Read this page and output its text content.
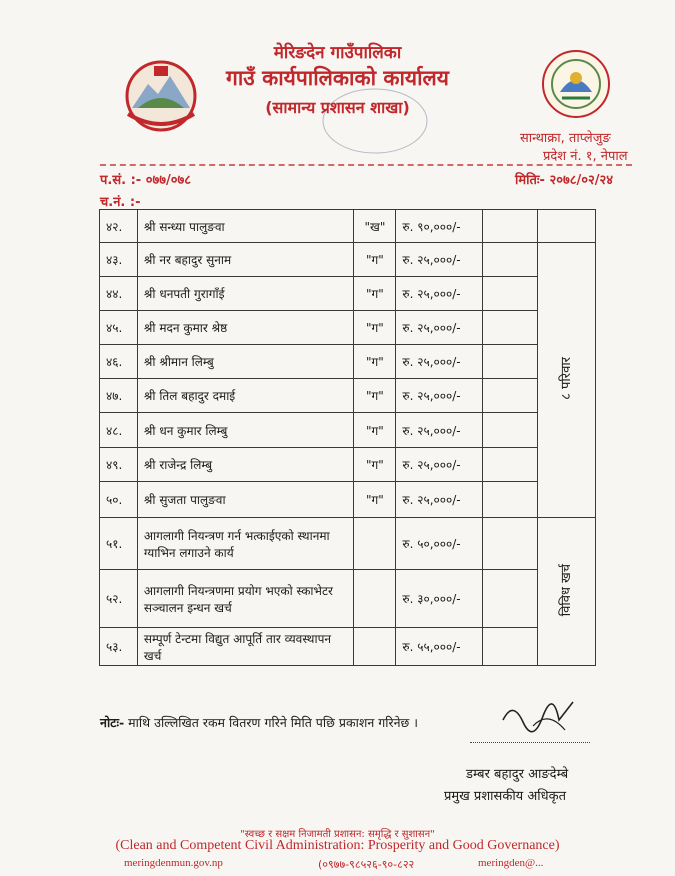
मेरिङदेन गाउँपालिका
गाउँ कार्यपालिकाको कार्यालय
(सामान्य प्रशासन शाखा)
सान्थाक्रा, ताप्लेजुङ
प्रदेश नं. १, नेपाल
प.सं. :- ०७७/०७८	मितिः- २०७८/०२/२४
च.नं. :-
४२.	श्री सन्ध्या पालुङवा	"ख"	रु. ९०,०००/-		
४३.	श्री नर बहादुर सुनाम	"ग"	रु. २५,०००/-		८ परिवार
४४.	श्री धनपती गुरागाँई	"ग"	रु. २५,०००/-		
४५.	श्री मदन कुमार श्रेष्ठ	"ग"	रु. २५,०००/-		
४६.	श्री श्रीमान लिम्बु	"ग"	रु. २५,०००/-		
४७.	श्री तिल बहादुर दमाई	"ग"	रु. २५,०००/-		
४८.	श्री धन कुमार लिम्बु	"ग"	रु. २५,०००/-		
४९.	श्री राजेन्द्र लिम्बु	"ग"	रु. २५,०००/-		
५०.	श्री सुजता पालुङवा	"ग"	रु. २५,०००/-		
५१.	आगलागी नियन्त्रण गर्न भत्काईएको स्थानमा ग्याभिन लगाउने कार्य		रु. ५०,०००/-		विविध खर्च
५२.	आगलागी नियन्त्रणमा प्रयोग भएको स्काभेटर सञ्चालन इन्धन खर्च		रु. ३०,०००/-		
५३.	सम्पूर्ण टेन्टमा विद्युत आपूर्ति तार व्यवस्थापन खर्च		रु. ५५,०००/-		
नोटः- माथि उल्लिखित रकम वितरण गरिने मिति पछि प्रकाशन गरिनेछ ।
डम्बर बहादुर आङदेम्बे
प्रमुख प्रशासकीय अधिकृत
"स्वच्छ र सक्षम निजामती प्रशासन: समृद्धि र सुशासन"
(Clean and Competent Civil Administration: Prosperity and Good Governance)
meringdenmun.gov.np	(०९७७-९८५२६-९०-८२२	meringden@...
